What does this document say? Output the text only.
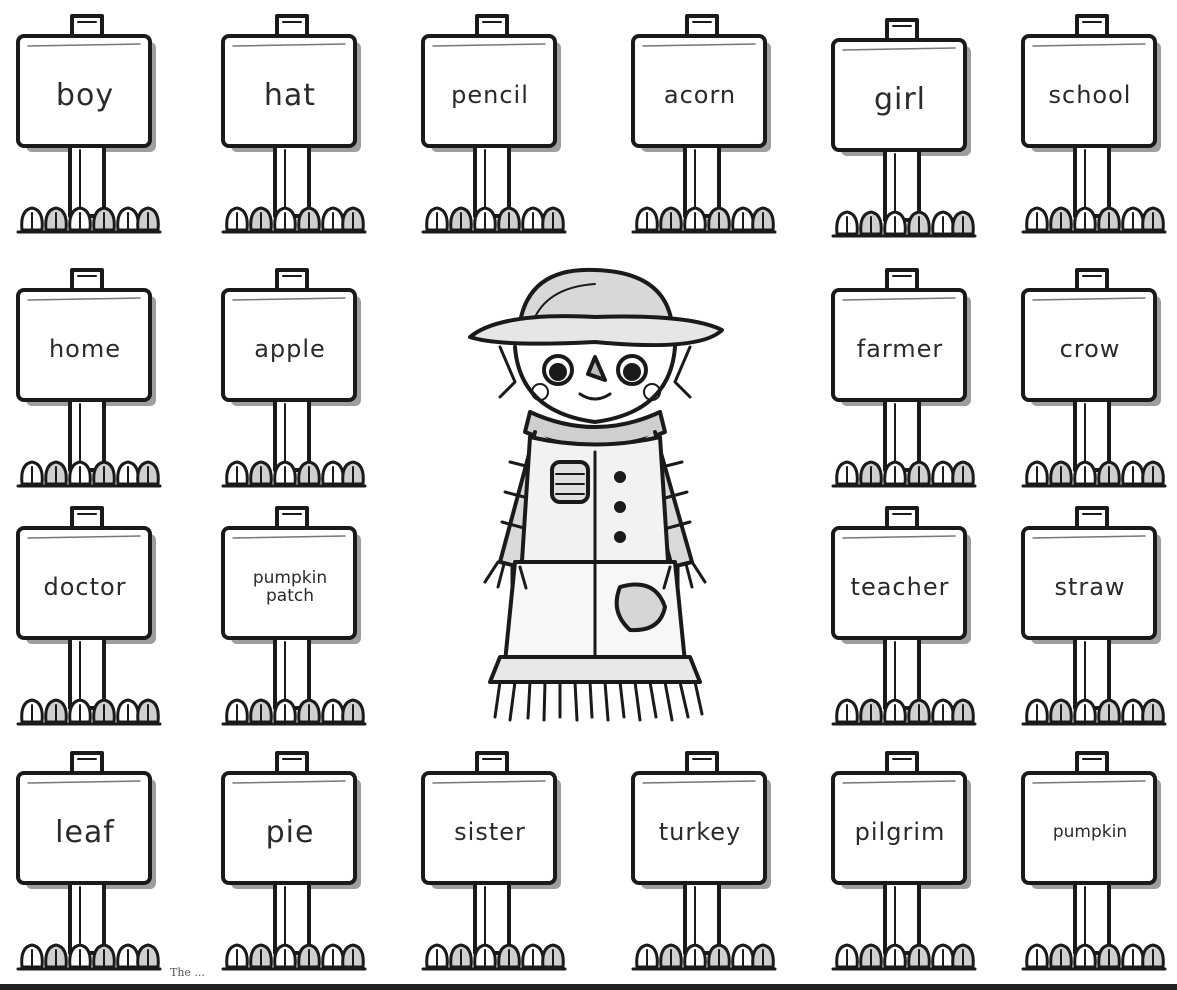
boy	hat	pencil	acorn	girl	school
home	apple	farmer	crow
doctor	pumpkin
patch	teacher	straw
leaf	pie	sister	turkey	pilgrim	pumpkin
The ...
